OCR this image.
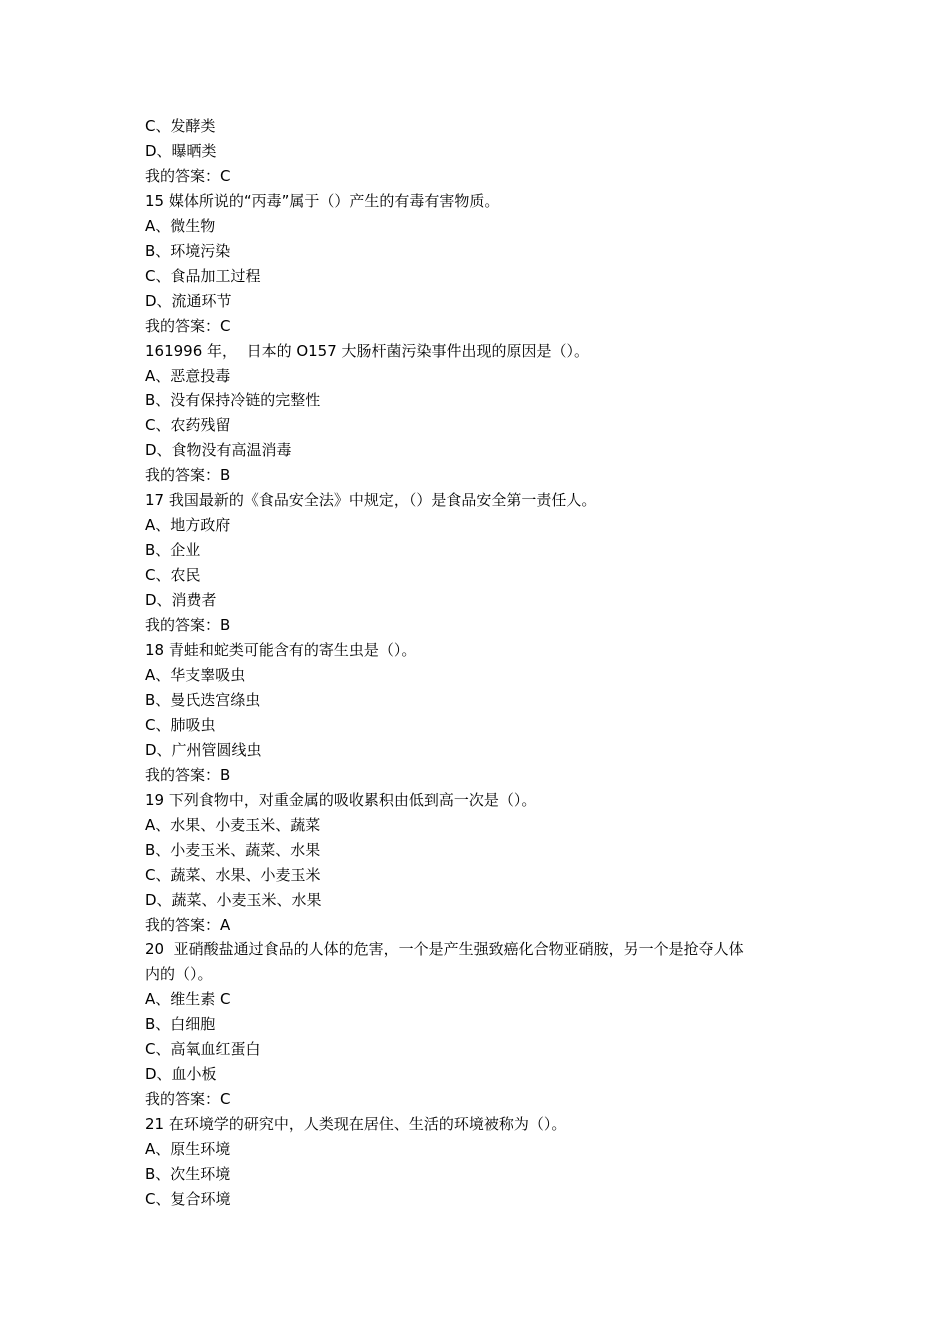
C、发酵类
D、曝晒类
我的答案：C
15 媒体所说的“丙毒”属于（）产生的有毒有害物质。
A、微生物
B、环境污染
C、食品加工过程
D、流通环节
我的答案：C
161996 年，  日本的 O157 大肠杆菌污染事件出现的原因是（）。
A、恶意投毒
B、没有保持冷链的完整性
C、农药残留
D、食物没有高温消毒
我的答案：B
17 我国最新的《食品安全法》中规定，（）是食品安全第一责任人。
A、地方政府
B、企业
C、农民
D、消费者
我的答案：B
18 青蛙和蛇类可能含有的寄生虫是（）。
A、华支睾吸虫
B、曼氏迭宫绦虫
C、肺吸虫
D、广州管圆线虫
我的答案：B
19 下列食物中，对重金属的吸收累积由低到高一次是（）。
A、水果、小麦玉米、蔬菜
B、小麦玉米、蔬菜、水果
C、蔬菜、水果、小麦玉米
D、蔬菜、小麦玉米、水果
我的答案：A
20  亚硝酸盐通过食品的人体的危害，一个是产生强致癌化合物亚硝胺，另一个是抢夺人体
内的（）。
A、维生素 C
B、白细胞
C、高氧血红蛋白
D、血小板
我的答案：C
21 在环境学的研究中，人类现在居住、生活的环境被称为（）。
A、原生环境
B、次生环境
C、复合环境
